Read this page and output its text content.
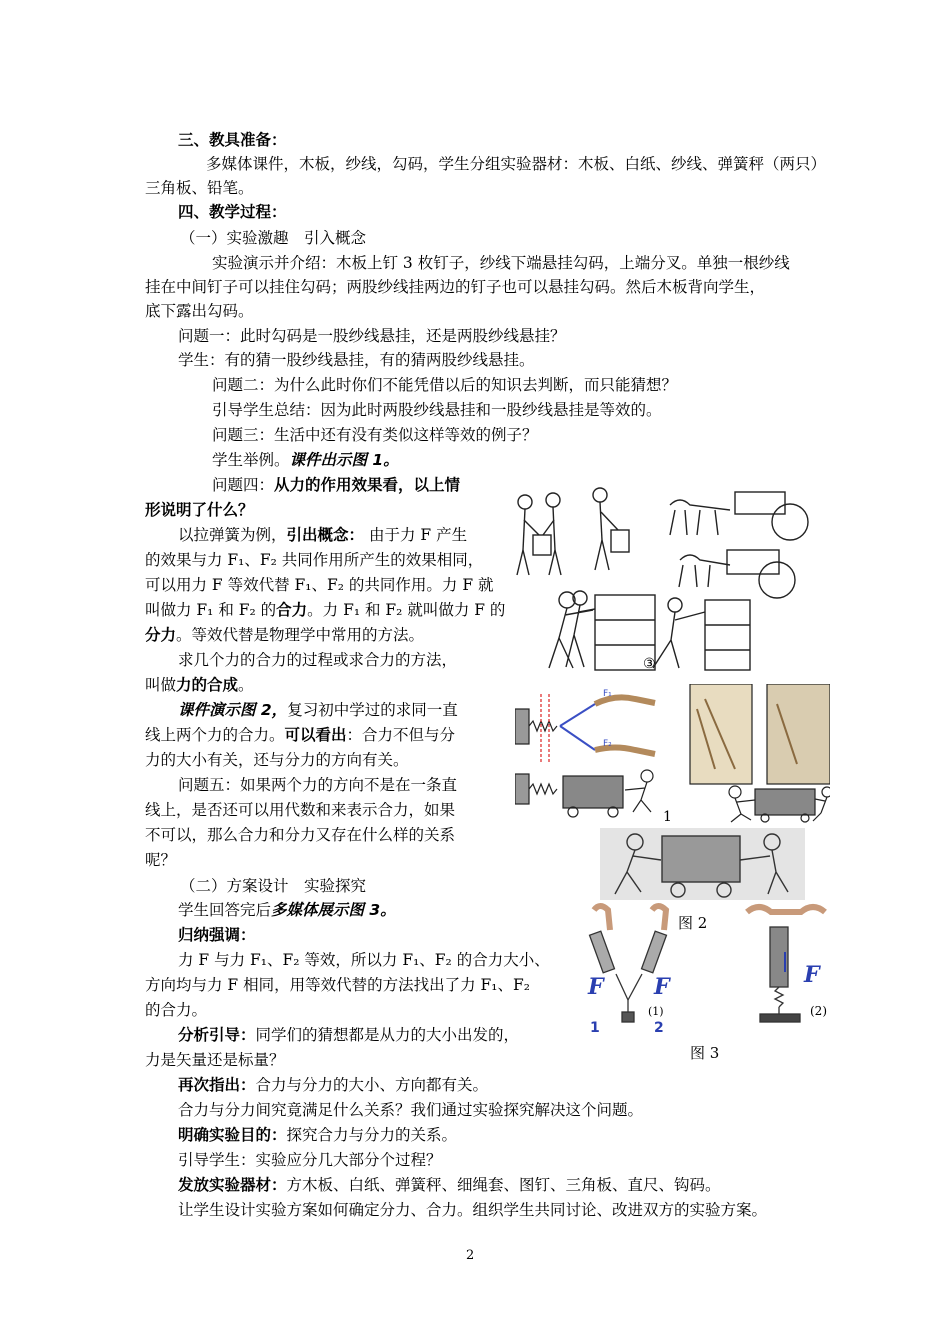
三、教具准备：
多媒体课件，木板，纱线，勾码，学生分组实验器材：木板、白纸、纱线、弹簧秤（两只）
三角板、铅笔。
四、教学过程：
（一）实验激趣　引入概念
实验演示并介绍：木板上钉 3 枚钉子，纱线下端悬挂勾码，上端分叉。单独一根纱线
挂在中间钉子可以挂住勾码；两股纱线挂两边的钉子也可以悬挂勾码。然后木板背向学生，
底下露出勾码。
问题一：此时勾码是一股纱线悬挂，还是两股纱线悬挂？
学生：有的猜一股纱线悬挂，有的猜两股纱线悬挂。
问题二：为什么此时你们不能凭借以后的知识去判断，而只能猜想？
引导学生总结：因为此时两股纱线悬挂和一股纱线悬挂是等效的。
问题三：生活中还有没有类似这样等效的例子？
学生举例。课件出示图 1。
问题四：从力的作用效果看，以上情
形说明了什么？
以拉弹簧为例，引出概念： 由于力 F 产生
的效果与力 F₁、F₂ 共同作用所产生的效果相同，
可以用力 F 等效代替 F₁、F₂ 的共同作用。力 F 就
叫做力 F₁ 和 F₂ 的合力。力 F₁ 和 F₂ 就叫做力 F 的
分力。等效代替是物理学中常用的方法。
求几个力的合力的过程或求合力的方法，
叫做力的合成。
课件演示图 2，复习初中学过的求同一直
线上两个力的合力。可以看出：合力不但与分
力的大小有关，还与分力的方向有关。
问题五：如果两个力的方向不是在一条直
线上，是否还可以用代数和来表示合力，如果
不可以，那么合力和分力又存在什么样的关系
呢？
（二）方案设计　实验探究
学生回答完后多媒体展示图 3。
归纳强调：
力 F 与力 F₁、F₂ 等效，所以力 F₁、F₂ 的合力大小、
方向均与力 F 相同，用等效代替的方法找出了力 F₁、F₂
的合力。
分析引导：同学们的猜想都是从力的大小出发的，
力是矢量还是标量？
再次指出：合力与分力的大小、方向都有关。
合力与分力间究竟满足什么关系？我们通过实验探究解决这个问题。
明确实验目的：探究合力与分力的关系。
引导学生：实验应分几大部分个过程？
发放实验器材：方木板、白纸、弹簧秤、细绳套、图钉、三角板、直尺、钩码。
让学生设计实验方案如何确定分力、合力。组织学生共同讨论、改进双方的实验方案。
③
F₁
F₂
1
图 2
F F	F
1	2
(1)	(2)
图 3
2
